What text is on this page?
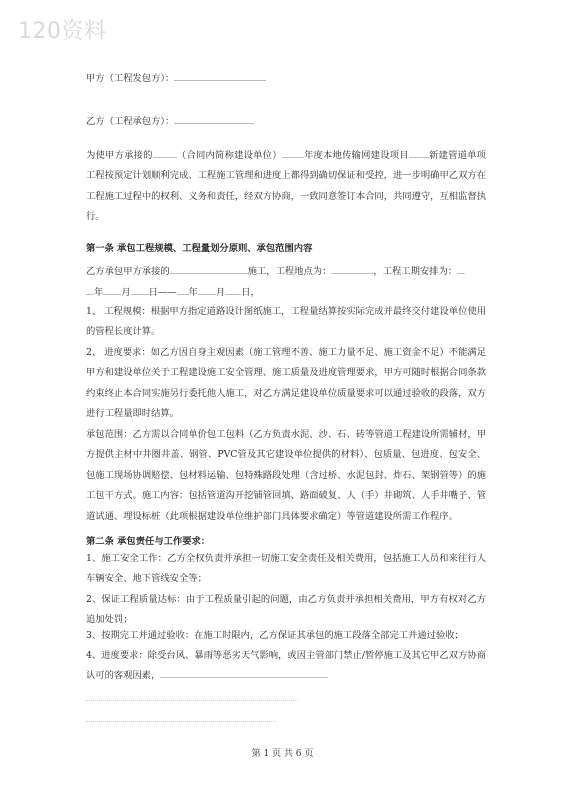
120资料
甲方（工程发包方）：
乙方（工程承包方）：
为使甲方承接的	（合同内简称建设单位） 年度本地传输网建设项目 新建管道单项工程按预定计划顺利完成、工程施工管理和进度上都得到确切保证和受控，进一步明确甲乙双方在工程施工过程中的权利、义务和责任，经双方协商，一致同意签订本合同，共同遵守，互相监督执行。
第一条 承包工程规模、工程量划分原则、承包范围内容
乙方承包甲方承接的	施工，工程地点为：	，工程工期安排为：
年 月 日—— 年 月 日，
1、 工程规模：根据甲方指定道路设计图纸施工，工程量结算按实际完成并最终交付建设单位使用的管程长度计算。
2、 进度要求：如乙方因自身主观因素（施工管理不善、施工力量不足、施工资金不足）不能满足甲方和建设单位关于工程建设施工安全管理、施工质量及进度管理要求，甲方可随时根据合同条款约束终止本合同实施另行委托他人施工，对乙方满足建设单位质量要求可以通过验收的段落，双方进行工程量即时结算。
承包范围：乙方需以合同单价包工包料（乙方负责水泥、沙、石、砖等管道工程建设所需辅材，甲方提供主材中井圈井盖、钢管、PVC管及其它建设单位提供的材料）、包质量、包进度、包安全、包施工现场协调赔偿、包材料运输、包特殊路段处理（含过桥、水泥包封、炸石、架钢管等）的施工包干方式。施工内容：包括管道沟开挖铺管回填、路面破复、人（手）井砌筑、人手井嘴子、管道试通、埋设标桩（此项根据建设单位维护部门具体要求确定）等管道建设所需工作程序。
第二条 承包责任与工作要求：
1、施工安全工作：乙方全权负责并承担一切施工安全责任及相关费用，包括施工人员和来往行人车辆安全、地下管线安全等；
2、保证工程质量达标：由于工程质量引起的问题，由乙方负责并承担相关费用，甲方有权对乙方追加处罚；
3、按期完工并通过验收：在施工时限内，乙方保证其承包的施工段落全部完工并通过验收；
4、进度要求：除受台风、暴雨等恶劣天气影响，或因主管部门禁止/暂停施工及其它甲乙双方协商认可的客观因素，
第 1 页 共 6 页
